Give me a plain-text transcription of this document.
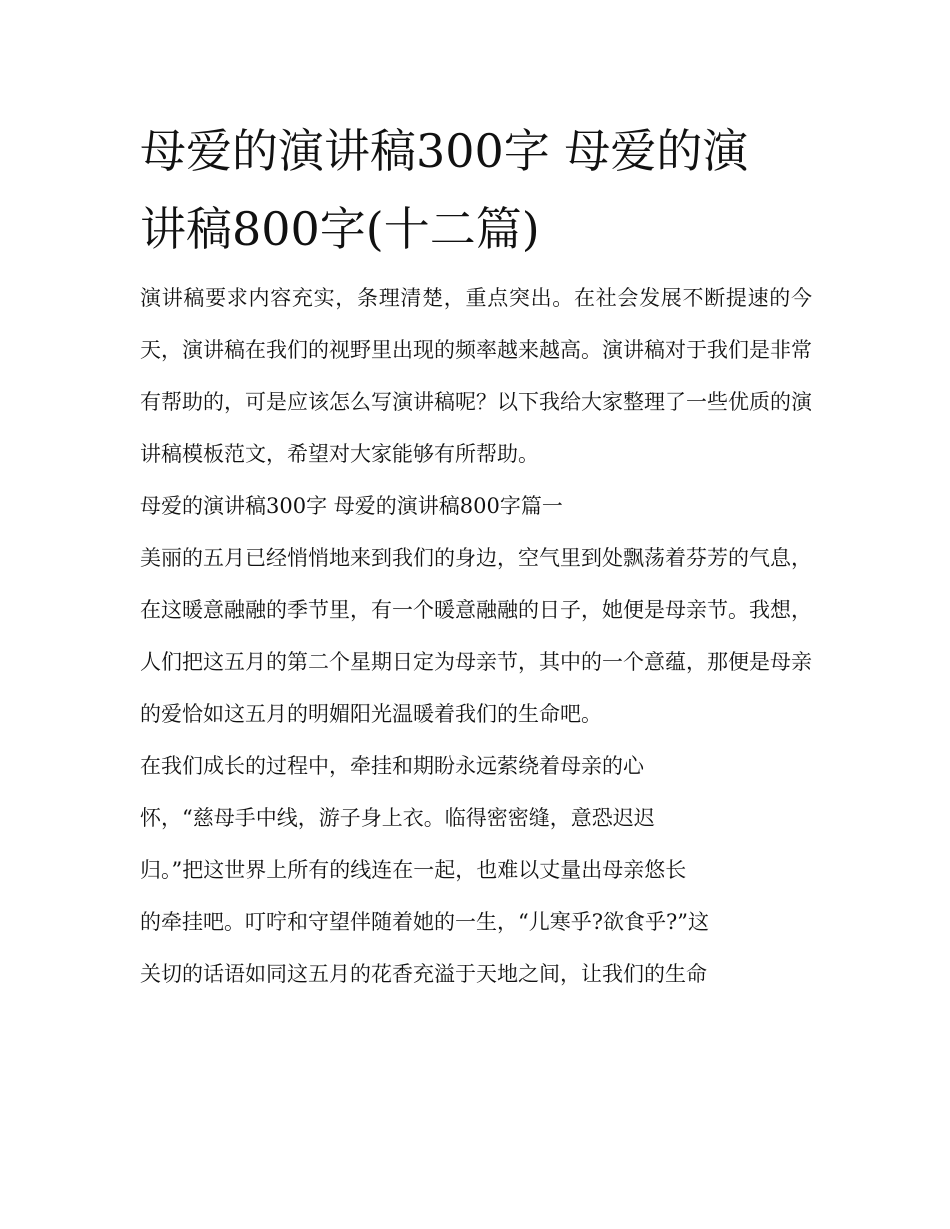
母爱的演讲稿300字 母爱的演
讲稿800字(十二篇)

演讲稿要求内容充实，条理清楚，重点突出。在社会发展不断提速的今天，演讲稿在我们的视野里出现的频率越来越高。演讲稿对于我们是非常有帮助的，可是应该怎么写演讲稿呢？以下我给大家整理了一些优质的演讲稿模板范文，希望对大家能够有所帮助。

母爱的演讲稿300字 母爱的演讲稿800字篇一

美丽的五月已经悄悄地来到我们的身边，空气里到处飘荡着芬芳的气息，在这暖意融融的季节里，有一个暖意融融的日子，她便是母亲节。我想，人们把这五月的第二个星期日定为母亲节，其中的一个意蕴，那便是母亲的爱恰如这五月的明媚阳光温暖着我们的生命吧。

在我们成长的过程中，牵挂和期盼永远萦绕着母亲的心

怀，“慈母手中线，游子身上衣。临得密密缝，意恐迟迟

归。”把这世界上所有的线连在一起，也难以丈量出母亲悠长

的牵挂吧。叮咛和守望伴随着她的一生，“儿寒乎?欲食乎?”这

关切的话语如同这五月的花香充溢于天地之间，让我们的生命
